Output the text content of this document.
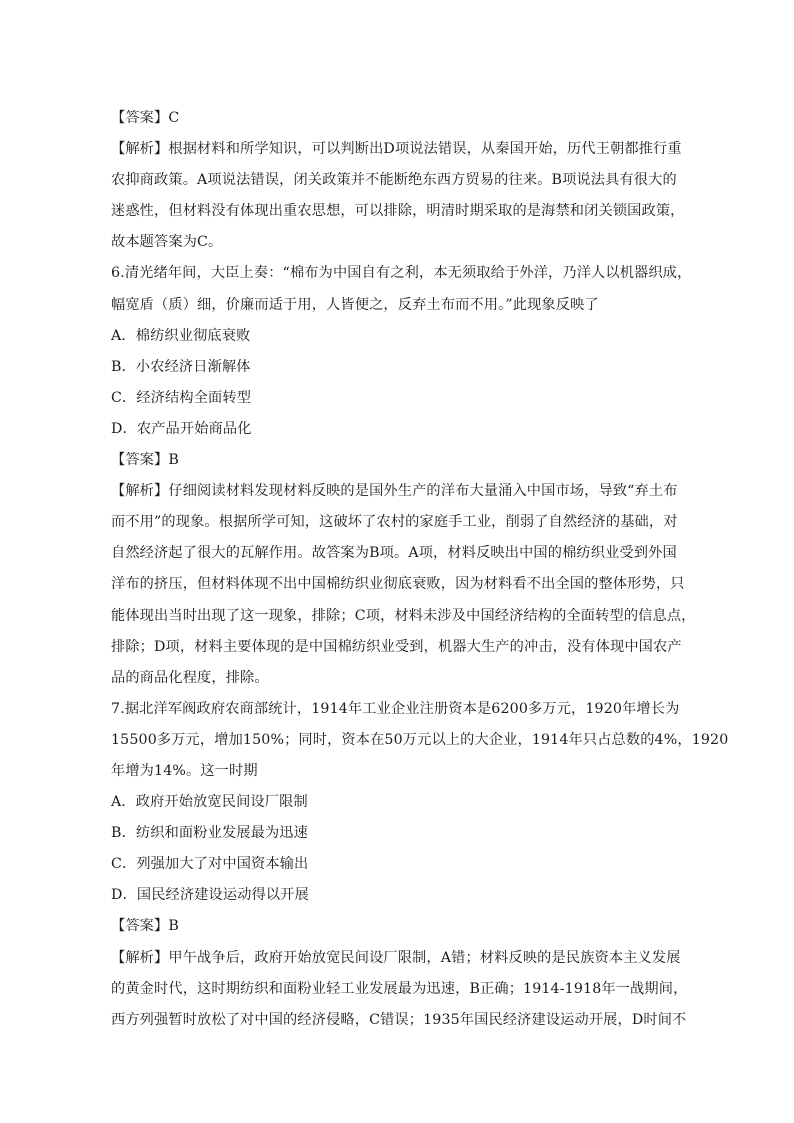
【答案】C
【解析】根据材料和所学知识，可以判断出D项说法错误，从秦国开始，历代王朝都推行重
农抑商政策。A项说法错误，闭关政策并不能断绝东西方贸易的往来。B项说法具有很大的
迷惑性，但材料没有体现出重农思想，可以排除，明清时期采取的是海禁和闭关锁国政策，
故本题答案为C。
6.清光绪年间，大臣上奏：“棉布为中国自有之利，本无须取给于外洋，乃洋人以机器织成，
幅宽盾（质）细，价廉而适于用，人皆便之，反弃土布而不用。”此现象反映了
A．棉纺织业彻底衰败
B．小农经济日渐解体
C．经济结构全面转型
D．农产品开始商品化
【答案】B
【解析】仔细阅读材料发现材料反映的是国外生产的洋布大量涌入中国市场，导致“弃土布
而不用”的现象。根据所学可知，这破坏了农村的家庭手工业，削弱了自然经济的基础，对
自然经济起了很大的瓦解作用。故答案为B项。A项，材料反映出中国的棉纺织业受到外国
洋布的挤压，但材料体现不出中国棉纺织业彻底衰败，因为材料看不出全国的整体形势，只
能体现出当时出现了这一现象，排除；C项，材料未涉及中国经济结构的全面转型的信息点，
排除；D项，材料主要体现的是中国棉纺织业受到，机器大生产的冲击，没有体现中国农产
品的商品化程度，排除。
7.据北洋军阀政府农商部统计，1914年工业企业注册资本是6200多万元，1920年增长为
15500多万元，增加150%；同时，资本在50万元以上的大企业，1914年只占总数的4%，1920
年增为14%。这一时期
A．政府开始放宽民间设厂限制
B．纺织和面粉业发展最为迅速
C．列强加大了对中国资本输出
D．国民经济建设运动得以开展
【答案】B
【解析】甲午战争后，政府开始放宽民间设厂限制，A错；材料反映的是民族资本主义发展
的黄金时代，这时期纺织和面粉业轻工业发展最为迅速，B正确；1914-1918年一战期间，
西方列强暂时放松了对中国的经济侵略，C错误；1935年国民经济建设运动开展，D时间不
